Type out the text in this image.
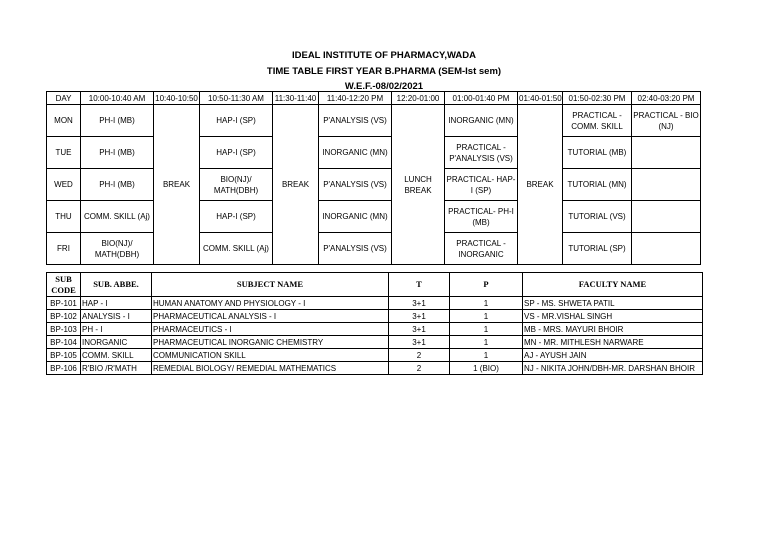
IDEAL INSTITUTE OF PHARMACY,WADA
TIME TABLE FIRST YEAR B.PHARMA (SEM-Ist sem)
W.E.F.-08/02/2021
DAY	10:00-10:40 AM	10:40-10:50	10:50-11:30 AM	11:30-11:40	11:40-12:20 PM	12:20-01:00	01:00-01:40 PM	01:40-01:50	01:50-02:30 PM	02:40-03:20 PM
MON	PH-I (MB)	BREAK	HAP-I (SP)	BREAK	P'ANALYSIS (VS)	LUNCH BREAK	INORGANIC (MN)	BREAK	PRACTICAL - COMM. SKILL	PRACTICAL - BIO (NJ)
TUE	PH-I (MB)		HAP-I (SP)		INORGANIC (MN)		PRACTICAL - P'ANALYSIS (VS)		TUTORIAL (MB)	
WED	PH-I (MB)		BIO(NJ)/ MATH(DBH)		P'ANALYSIS (VS)		PRACTICAL- HAP-I (SP)		TUTORIAL (MN)	
THU	COMM. SKILL (Aj)		HAP-I (SP)		INORGANIC (MN)		PRACTICAL- PH-I (MB)		TUTORIAL (VS)	
FRI	BIO(NJ)/ MATH(DBH)		COMM. SKILL (Aj)		P'ANALYSIS (VS)		PRACTICAL - INORGANIC		TUTORIAL (SP)	
SUB CODE	SUB. ABBE.	SUBJECT NAME	T	P	FACULTY NAME
BP-101	HAP - I	HUMAN ANATOMY AND PHYSIOLOGY - I	3+1	1	SP - MS. SHWETA PATIL
BP-102	ANALYSIS - I	PHARMACEUTICAL ANALYSIS - I	3+1	1	VS - MR.VISHAL SINGH
BP-103	PH - I	PHARMACEUTICS - I	3+1	1	MB - MRS. MAYURI BHOIR
BP-104	INORGANIC	PHARMACEUTICAL INORGANIC CHEMISTRY	3+1	1	MN - MR. MITHLESH NARWARE
BP-105	COMM. SKILL	COMMUNICATION SKILL	2	1	AJ - AYUSH JAIN
BP-106	R'BIO /R'MATH	REMEDIAL BIOLOGY/ REMEDIAL MATHEMATICS	2	1 (BIO)	NJ - NIKITA JOHN/DBH-MR. DARSHAN BHOIR
